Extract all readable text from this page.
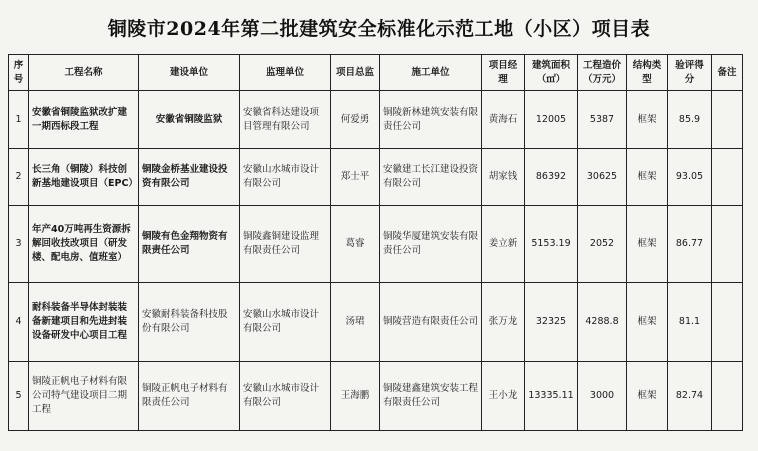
铜陵市2024年第二批建筑安全标准化示范工地（小区）项目表
序号	工程名称	建设单位	监理单位	项目总监	施工单位	项目经理	建筑面积（㎡）	工程造价（万元）	结构类型	验评得分	备注
1	安徽省铜陵监狱改扩建一期西标段工程	安徽省铜陵监狱	安徽省科达建设项目管理有限公司	何爱勇	铜陵新林建筑安装有限责任公司	黄海石	12005	5387	框架	85.9	
2	长三角（铜陵）科技创新基地建设项目（EPC）	铜陵金桥基业建设投资有限公司	安徽山水城市设计有限公司	郑士平	安徽建工长江建设投资有限公司	胡家钱	86392	30625	框架	93.05	
3	年产40万吨再生资源拆解回收技改项目（研发楼、配电房、值班室）	铜陵有色金翔物资有限责任公司	铜陵鑫铜建设监理有限责任公司	葛睿	铜陵华厦建筑安装有限责任公司	姜立新	5153.19	2052	框架	86.77	
4	耐科装备半导体封装装备新建项目和先进封装设备研发中心项目工程	安徽耐科装备科技股份有限公司	安徽山水城市设计有限公司	汤珺	铜陵营造有限责任公司	张万龙	32325	4288.8	框架	81.1	
5	铜陵正帆电子材料有限公司特气建设项目二期工程	铜陵正帆电子材料有限责任公司	安徽山水城市设计有限公司	王海鹏	铜陵建鑫建筑安装工程有限责任公司	王小龙	13335.11	3000	框架	82.74	
